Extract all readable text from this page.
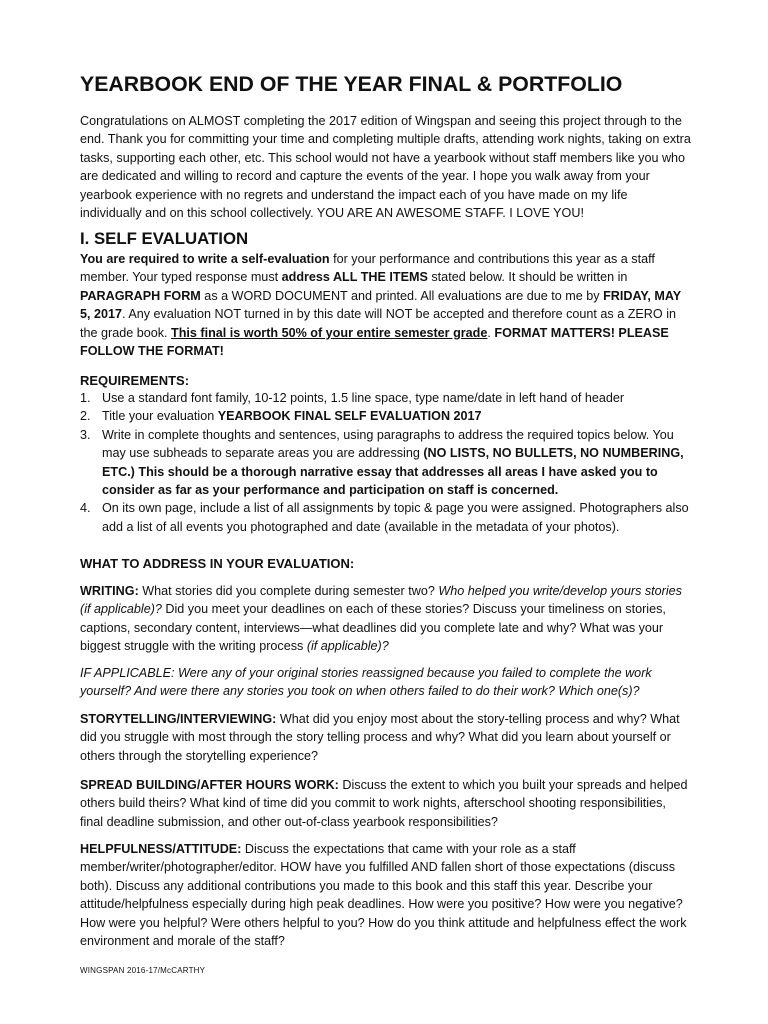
YEARBOOK END OF THE YEAR FINAL & PORTFOLIO

Congratulations on ALMOST completing the 2017 edition of Wingspan and seeing this project through to the end. Thank you for committing your time and completing multiple drafts, attending work nights, taking on extra tasks, supporting each other, etc. This school would not have a yearbook without staff members like you who are dedicated and willing to record and capture the events of the year. I hope you walk away from your yearbook experience with no regrets and understand the impact each of you have made on my life individually and on this school collectively. YOU ARE AN AWESOME STAFF. I LOVE YOU!

I. SELF EVALUATION

You are required to write a self-evaluation for your performance and contributions this year as a staff member. Your typed response must address ALL THE ITEMS stated below. It should be written in PARAGRAPH FORM as a WORD DOCUMENT and printed. All evaluations are due to me by FRIDAY, MAY 5, 2017. Any evaluation NOT turned in by this date will NOT be accepted and therefore count as a ZERO in the grade book. This final is worth 50% of your entire semester grade. FORMAT MATTERS! PLEASE FOLLOW THE FORMAT!

REQUIREMENTS:
1. Use a standard font family, 10-12 points, 1.5 line space, type name/date in left hand of header
2. Title your evaluation YEARBOOK FINAL SELF EVALUATION 2017
3. Write in complete thoughts and sentences, using paragraphs to address the required topics below. You may use subheads to separate areas you are addressing (NO LISTS, NO BULLETS, NO NUMBERING, ETC.) This should be a thorough narrative essay that addresses all areas I have asked you to consider as far as your performance and participation on staff is concerned.
4. On its own page, include a list of all assignments by topic & page you were assigned. Photographers also add a list of all events you photographed and date (available in the metadata of your photos).
WHAT TO ADDRESS IN YOUR EVALUATION:

WRITING: What stories did you complete during semester two? Who helped you write/develop yours stories (if applicable)? Did you meet your deadlines on each of these stories? Discuss your timeliness on stories, captions, secondary content, interviews—what deadlines did you complete late and why? What was your biggest struggle with the writing process (if applicable)?

IF APPLICABLE: Were any of your original stories reassigned because you failed to complete the work yourself? And were there any stories you took on when others failed to do their work? Which one(s)?

STORYTELLING/INTERVIEWING: What did you enjoy most about the story-telling process and why? What did you struggle with most through the story telling process and why? What did you learn about yourself or others through the storytelling experience?

SPREAD BUILDING/AFTER HOURS WORK: Discuss the extent to which you built your spreads and helped others build theirs? What kind of time did you commit to work nights, afterschool shooting responsibilities, final deadline submission, and other out-of-class yearbook responsibilities?

HELPFULNESS/ATTITUDE: Discuss the expectations that came with your role as a staff member/writer/photographer/editor. HOW have you fulfilled AND fallen short of those expectations (discuss both). Discuss any additional contributions you made to this book and this staff this year. Describe your attitude/helpfulness especially during high peak deadlines. How were you positive? How were you negative? How were you helpful? Were others helpful to you? How do you think attitude and helpfulness effect the work environment and morale of the staff?

WINGSPAN 2016-17/McCARTHY
